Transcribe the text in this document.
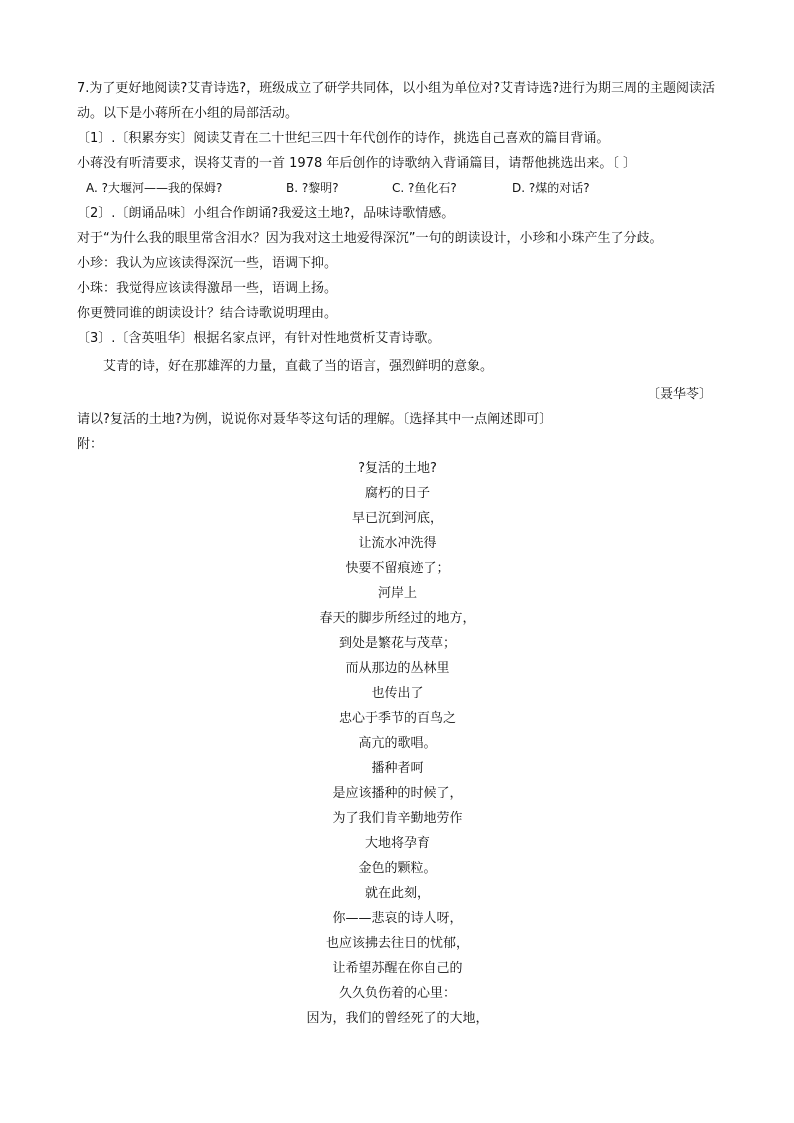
7.为了更好地阅读?艾青诗选?，班级成立了研学共同体，以小组为单位对?艾青诗选?进行为期三周的主题阅读活动。以下是小蒋所在小组的局部活动。
〔1〕.〔积累夯实〕阅读艾青在二十世纪三四十年代创作的诗作，挑选自己喜欢的篇目背诵。
小蒋没有听清要求，误将艾青的一首 1978 年后创作的诗歌纳入背诵篇目，请帮他挑选出来。〔 〕
A. ?大堰河——我的保姆?	B. ?黎明?	C. ?鱼化石?	D. ?煤的对话?
〔2〕.〔朗诵品味〕小组合作朗诵?我爱这土地?，品味诗歌情感。
对于“为什么我的眼里常含泪水？因为我对这土地爱得深沉”一句的朗读设计，小珍和小珠产生了分歧。
小珍：我认为应该读得深沉一些，语调下抑。
小珠：我觉得应该读得激昂一些，语调上扬。
你更赞同谁的朗读设计？结合诗歌说明理由。
〔3〕.〔含英咀华〕根据名家点评，有针对性地赏析艾青诗歌。
艾青的诗，好在那雄浑的力量，直截了当的语言，强烈鲜明的意象。
〔聂华苓〕
请以?复活的土地?为例，说说你对聂华苓这句话的理解。〔选择其中一点阐述即可〕
附：
?复活的土地?
腐朽的日子
早已沉到河底，
让流水冲洗得
快要不留痕迹了；
河岸上
春天的脚步所经过的地方，
到处是繁花与茂草；
而从那边的丛林里
也传出了
忠心于季节的百鸟之
高亢的歌唱。
播种者呵
是应该播种的时候了，
为了我们肯辛勤地劳作
大地将孕育
金色的颗粒。
就在此刻，
你——悲哀的诗人呀，
也应该拂去往日的忧郁，
让希望苏醒在你自己的
久久负伤着的心里：
因为，我们的曾经死了的大地，
